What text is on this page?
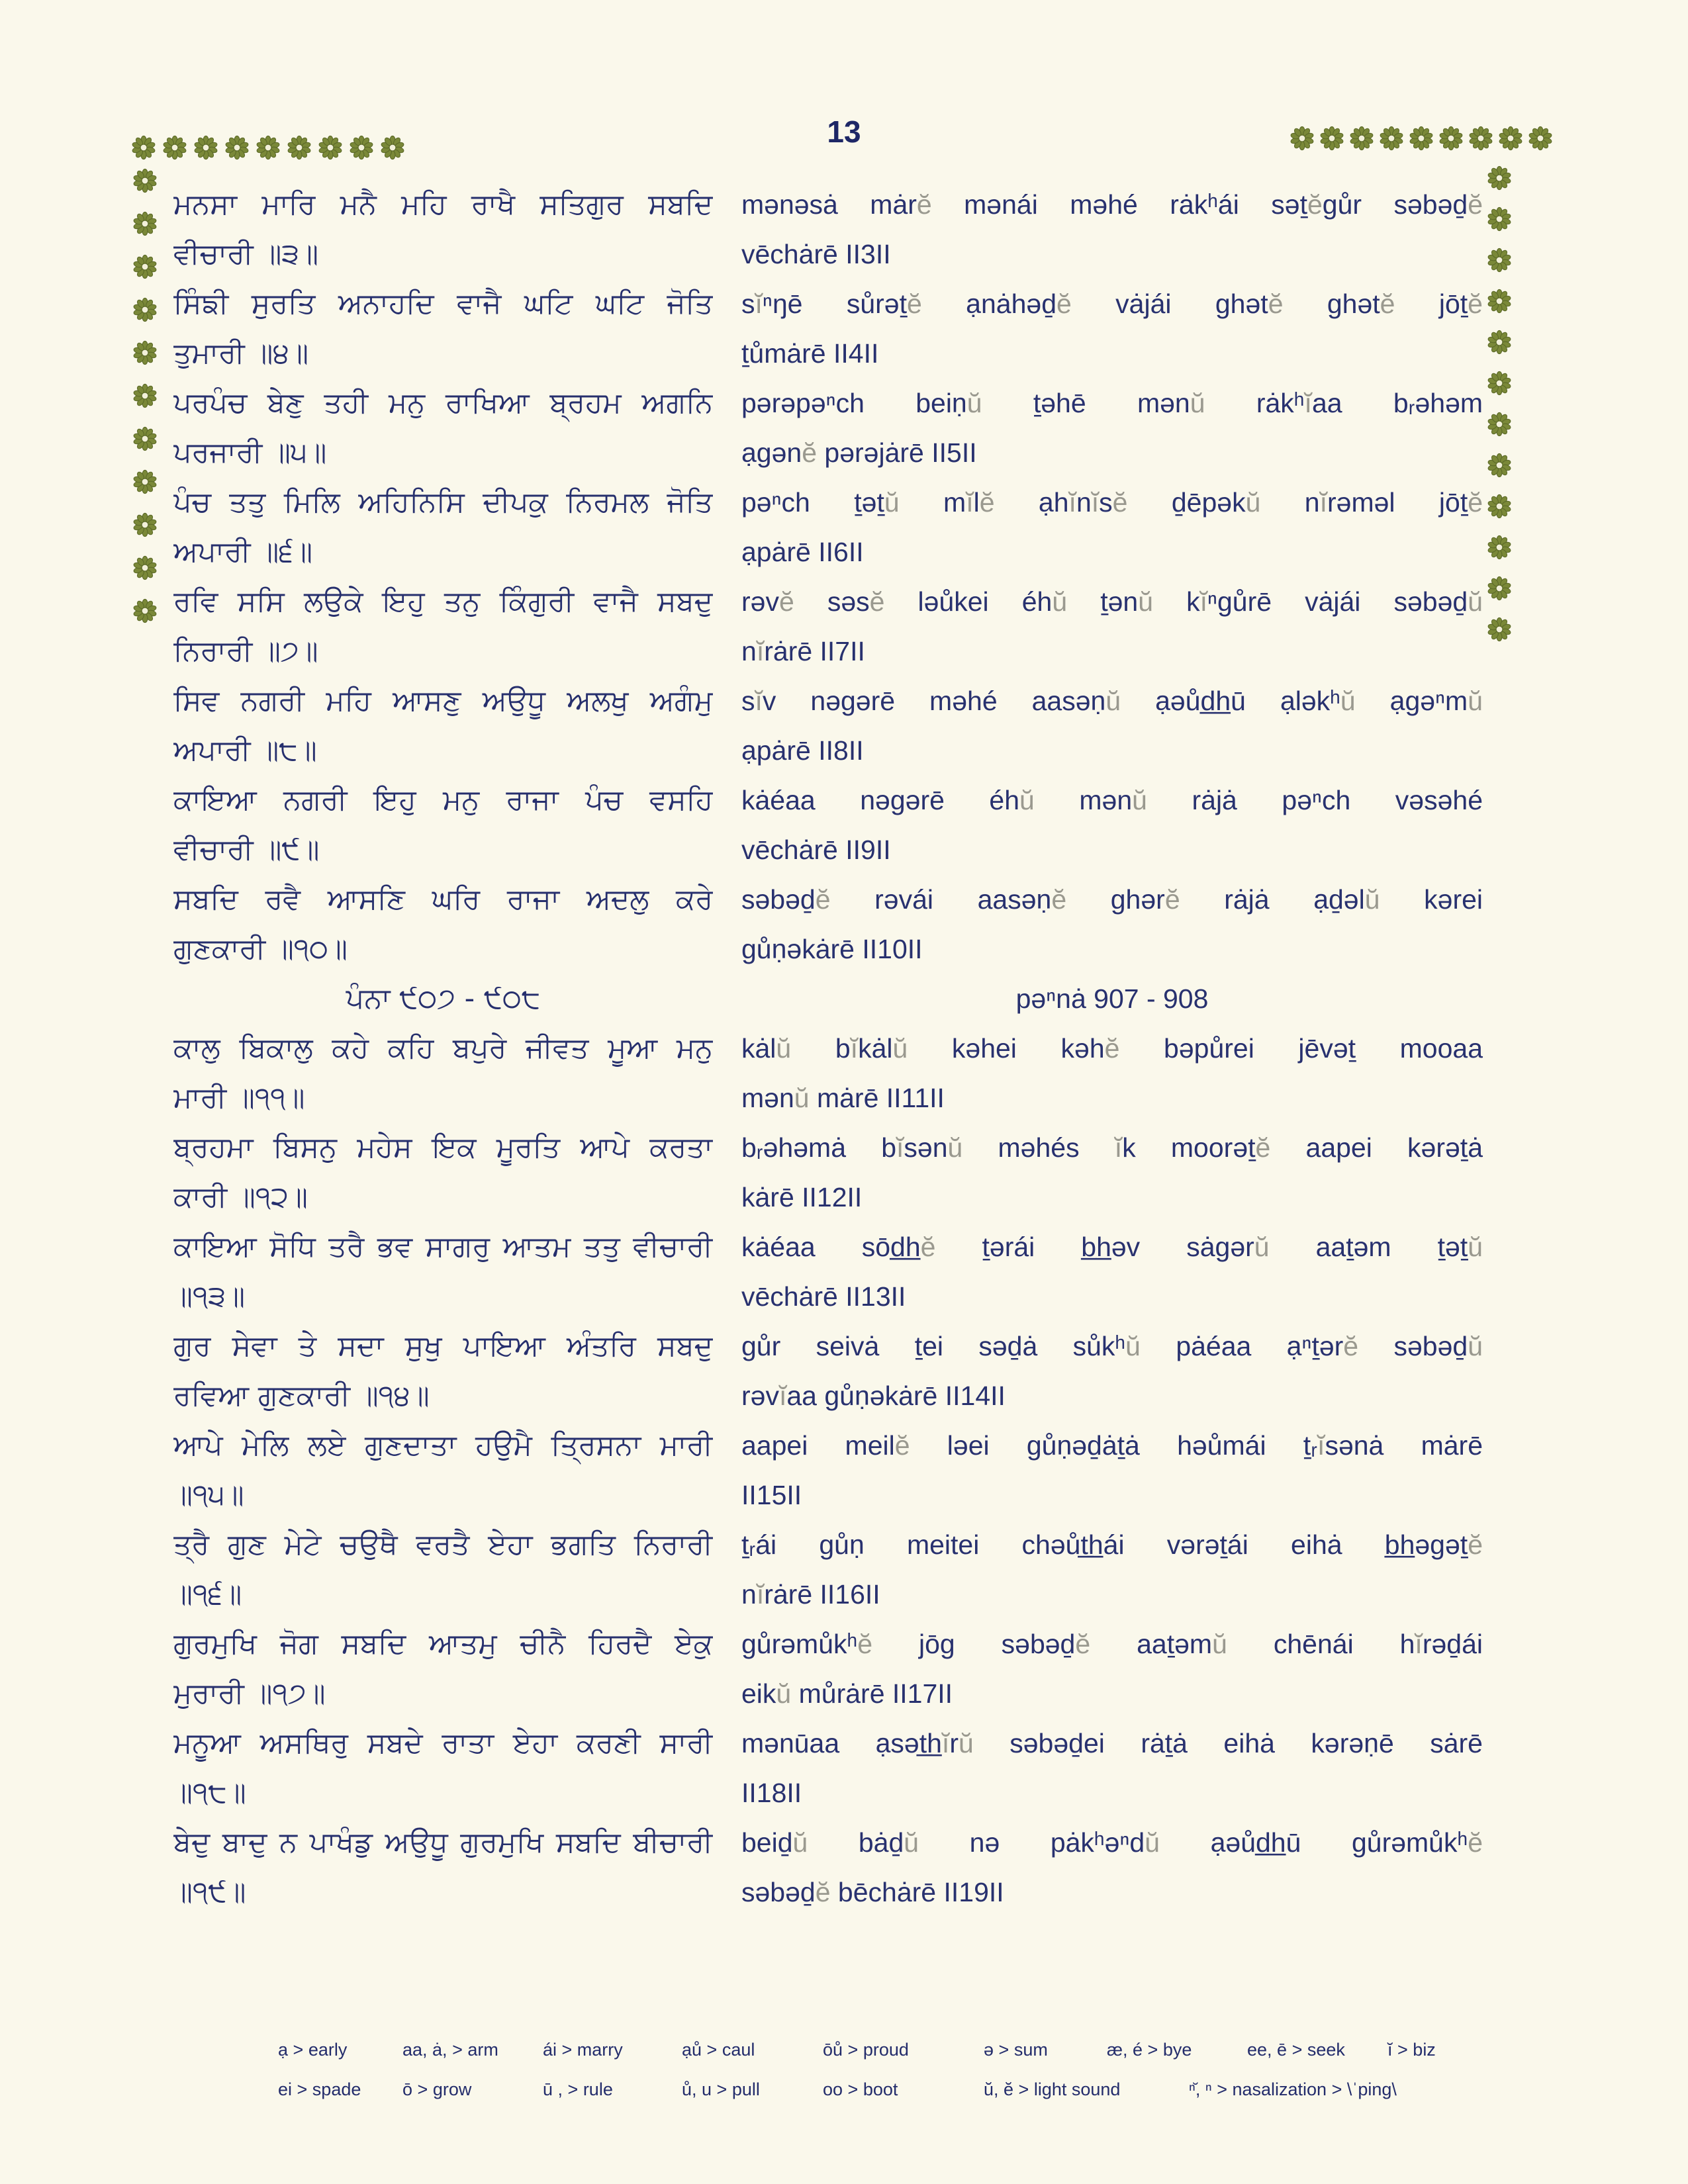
13
ਮਨਸਾ ਮਾਰਿ ਮਨੈ ਮਹਿ ਰਾਖੈ ਸਤਿਗੁਰ ਸਬਦਿ mənəsȧ mȧrĕ mənái məhé rȧkʰái səṯĕgůr səbəḏĕ
ਵੀਚਾਰੀ ॥੩॥	vēchȧrē II3II
ਸਿੰਙੀ ਸੁਰਤਿ ਅਨਾਹਦਿ ਵਾਜੈ ਘਟਿ ਘਟਿ ਜੋਤਿ sĭⁿŋē sůrəṯĕ ạnȧhəḏĕ vȧjái ghətĕ ghətĕ jōṯĕ
ਤੁਮਾਰੀ ॥੪॥	ṯůmȧrē II4II
ਪਰਪੰਚ ਬੇਣੁ ਤਹੀ ਮਨੁ ਰਾਖਿਆ ਬ੍ਰਹਮ ਅਗਨਿ pərəpəⁿch beiṇŭ ṯəhē mənŭ rȧkʰĭaa bᵣəhəm
ਪਰਜਾਰੀ ॥੫॥	ạgənĕ pərəjȧrē II5II
ਪੰਚ ਤਤੁ ਮਿਲਿ ਅਹਿਨਿਸਿ ਦੀਪਕੁ ਨਿਰਮਲ ਜੋਤਿ pəⁿch ṯəṯŭ mĭlĕ ạhĭnĭsĕ ḏēpəkŭ nĭrəməl jōṯĕ
ਅਪਾਰੀ ॥੬॥	ạpȧrē II6II
ਰਵਿ ਸਸਿ ਲਉਕੇ ਇਹੁ ਤਨੁ ਕਿੰਗੁਰੀ ਵਾਜੈ ਸਬਦੁ rəvĕ səsĕ ləůkei éhŭ ṯənŭ kĭⁿgůrē vȧjái səbəḏŭ
ਨਿਰਾਰੀ ॥੭॥	nĭrȧrē II7II
ਸਿਵ ਨਗਰੀ ਮਹਿ ਆਸਣੁ ਅਉਧੂ ਅਲਖੁ ਅਗੰਮੁ sĭv nəgərē məhé aasəṇŭ ạəůd̲h̲ū ạləkʰŭ ạgəⁿmŭ
ਅਪਾਰੀ ॥੮॥	ạpȧrē II8II
ਕਾਇਆ ਨਗਰੀ ਇਹੁ ਮਨੁ ਰਾਜਾ ਪੰਚ ਵਸਹਿ kȧéaa nəgərē éhŭ mənŭ rȧjȧ pəⁿch vəsəhé
ਵੀਚਾਰੀ ॥੯॥	vēchȧrē II9II
ਸਬਦਿ ਰਵੈ ਆਸਣਿ ਘਰਿ ਰਾਜਾ ਅਦਲੁ ਕਰੇ səbəḏĕ rəvái aasəṇĕ ghərĕ rȧjȧ ạḏəlŭ kərei
ਗੁਣਕਾਰੀ ॥੧੦॥	gůṇəkȧrē II10II
ਪੰਨਾ ੯੦੭ - ੯੦੮	pəⁿnȧ 907 - 908
ਕਾਲੁ ਬਿਕਾਲੁ ਕਹੇ ਕਹਿ ਬਪੁਰੇ ਜੀਵਤ ਮੂਆ ਮਨੁ kȧlŭ bĭkȧlŭ kəhei kəhĕ bəpůrei jēvəṯ mooaa
ਮਾਰੀ ॥੧੧॥	mənŭ mȧrē II11II
ਬ੍ਰਹਮਾ ਬਿਸਨੁ ਮਹੇਸ ਇਕ ਮੂਰਤਿ ਆਪੇ ਕਰਤਾ bᵣəhəmȧ bĭsənŭ məhés ĭk moorəṯĕ aapei kərəṯȧ
ਕਾਰੀ ॥੧੨॥	kȧrē II12II
ਕਾਇਆ ਸੋਧਿ ਤਰੈ ਭਵ ਸਾਗਰੁ ਆਤਮ ਤਤੁ ਵੀਚਾਰੀ kȧéaa sōd̲h̲ĕ ṯərái b̲h̲əv sȧgərŭ aaṯəm ṯəṯŭ
॥੧੩॥	vēchȧrē II13II
ਗੁਰ ਸੇਵਾ ਤੇ ਸਦਾ ਸੁਖੁ ਪਾਇਆ ਅੰਤਰਿ ਸਬਦੁ gůr seivȧ ṯei səḏȧ sůkʰŭ pȧéaa ạⁿṯərĕ səbəḏŭ
ਰਵਿਆ ਗੁਣਕਾਰੀ ॥੧੪॥	rəvĭaa gůṇəkȧrē II14II
ਆਪੇ ਮੇਲਿ ਲਏ ਗੁਣਦਾਤਾ ਹਉਮੈ ਤ੍ਰਿਸਨਾ ਮਾਰੀ aapei meilĕ ləei gůṇəḏȧṯȧ həůmái ṯᵣĭsənȧ mȧrē
॥੧੫॥	II15II
ਤ੍ਰੈ ਗੁਣ ਮੇਟੇ ਚਉਥੈ ਵਰਤੈ ਏਹਾ ਭਗਤਿ ਨਿਰਾਰੀ ṯᵣái gůṇ meitei chəůt̲h̲ái vərəṯái eihȧ b̲h̲əgəṯĕ
॥੧੬॥	nĭrȧrē II16II
ਗੁਰਮੁਖਿ ਜੋਗ ਸਬਦਿ ਆਤਮੁ ਚੀਨੈ ਹਿਰਦੈ ਏਕੁ gůrəmůkʰĕ jōg səbəḏĕ aaṯəmŭ chēnái hĭrəḏái
ਮੁਰਾਰੀ ॥੧੭॥	eikŭ můrȧrē II17II
ਮਨੂਆ ਅਸਥਿਰੁ ਸਬਦੇ ਰਾਤਾ ਏਹਾ ਕਰਣੀ ਸਾਰੀ mənūaa ạsət̲h̲ĭrŭ səbəḏei rȧṯȧ eihȧ kərəṇē sȧrē
॥੧੮॥	II18II
ਬੇਦੁ ਬਾਦੁ ਨ ਪਾਖੰਡੁ ਅਉਧੂ ਗੁਰਮੁਖਿ ਸਬਦਿ ਬੀਚਾਰੀ beiḏŭ bȧḏŭ nə pȧkʰəⁿdŭ ạəůd̲h̲ū gůrəmůkʰĕ
॥੧੯॥	səbəḏĕ bēchȧrē II19II
ạ > early	aa, ȧ, > arm ái > marry	ạů > caul	ōů > proud	ə > sum	æ, é > bye	ee, ē > seek ĭ > biz
ei > spade ō > grow	ū , > rule	ů, u > pull	oo > boot	ŭ, ĕ > light sound	ⁿ̆, ⁿ > nasalization > \ˈping\
